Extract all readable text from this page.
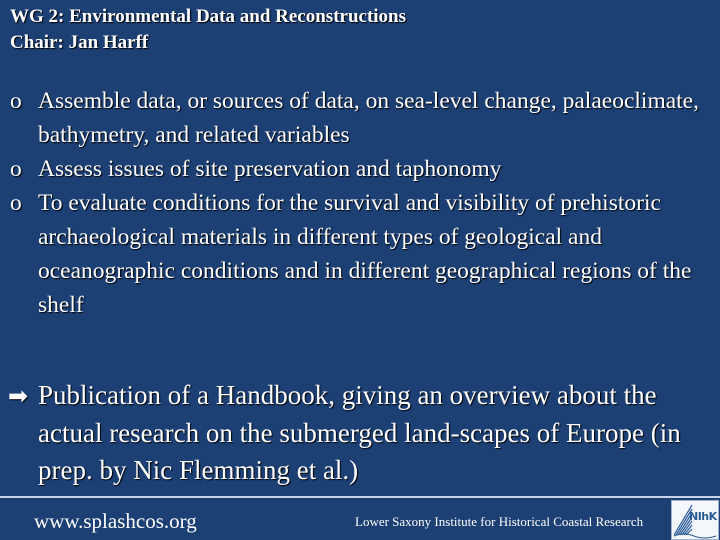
WG 2: Environmental Data and Reconstructions
Chair: Jan Harff
o Assemble data, or sources of data, on sea-level change, palaeoclimate, bathymetry, and related variables
o Assess issues of site preservation and taphonomy
o To evaluate conditions for the survival and visibility of prehistoric archaeological materials in different types of geological and oceanographic conditions and in different geographical regions of the shelf
➡ Publication of a Handbook, giving an overview about the actual research on the submerged land-scapes of Europe (in prep. by Nic Flemming et al.)
www.splashcos.org	Lower Saxony Institute for Historical Coastal Research	NIhK
